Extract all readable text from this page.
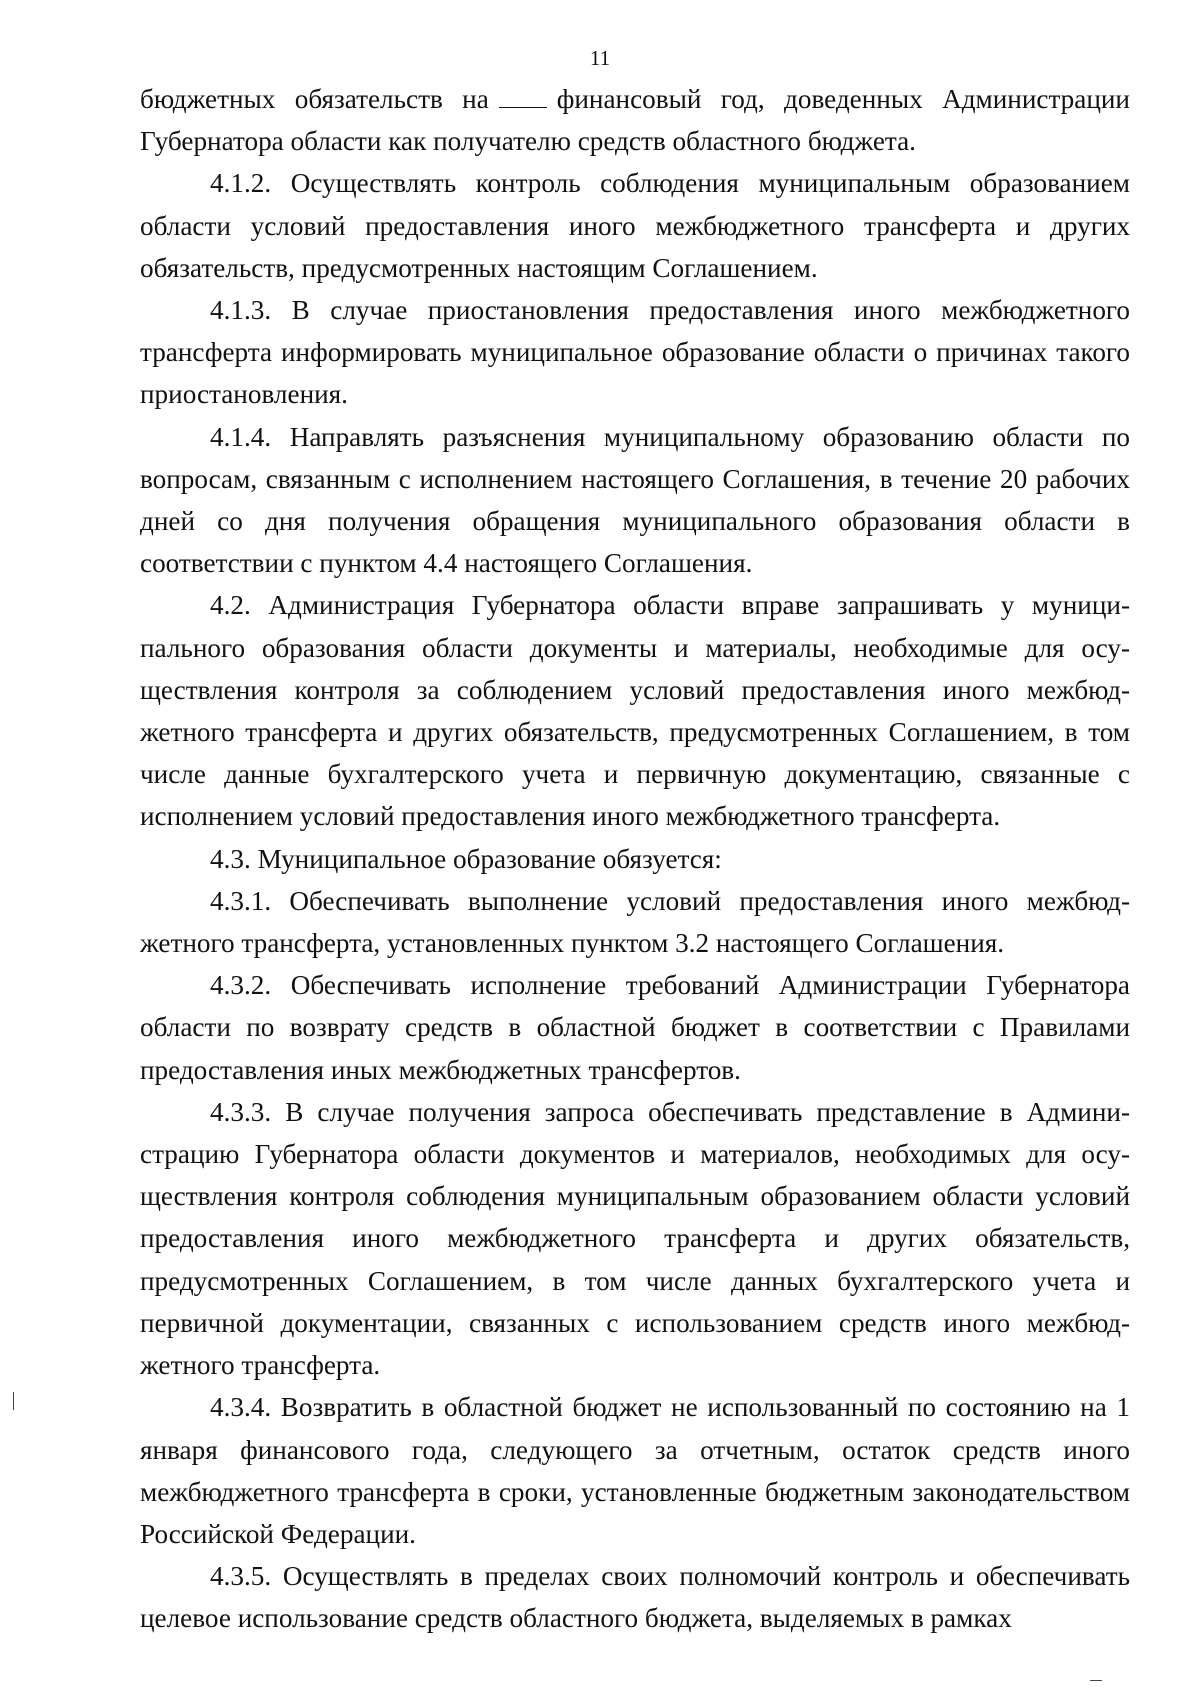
11

бюджетных обязательств на	финансовый год, доведенных Администрации Губернатора области как получателю средств областного бюджета.

4.1.2. Осуществлять контроль соблюдения муниципальным образованием области условий предоставления иного межбюджетного трансферта и других обязательств, предусмотренных настоящим Соглашением.

4.1.3. В случае приостановления предоставления иного межбюджетного трансферта информировать муниципальное образование области о причинах такого приостановления.

4.1.4. Направлять разъяснения муниципальному образованию области по вопросам, связанным с исполнением настоящего Соглашения, в течение 20 рабочих дней со дня получения обращения муниципального образования области в соответствии с пунктом 4.4 настоящего Соглашения.

4.2. Администрация Губернатора области вправе запрашивать у муниципального образования области документы и материалы, необходимые для осуществления контроля за соблюдением условий предоставления иного межбюджетного трансферта и других обязательств, предусмотренных Соглашением, в том числе данные бухгалтерского учета и первичную документацию, связанные с исполнением условий предоставления иного межбюджетного трансферта.

4.3. Муниципальное образование обязуется:

4.3.1. Обеспечивать выполнение условий предоставления иного межбюджетного трансферта, установленных пунктом 3.2 настоящего Соглашения.

4.3.2. Обеспечивать исполнение требований Администрации Губернатора области по возврату средств в областной бюджет в соответствии с Правилами предоставления иных межбюджетных трансфертов.

4.3.3. В случае получения запроса обеспечивать представление в Администрацию Губернатора области документов и материалов, необходимых для осуществления контроля соблюдения муниципальным образованием области условий предоставления иного межбюджетного трансферта и других обязательств, предусмотренных Соглашением, в том числе данных бухгалтерского учета и первичной документации, связанных с использованием средств иного межбюджетного трансферта.

4.3.4. Возвратить в областной бюджет не использованный по состоянию на 1 января финансового года, следующего за отчетным, остаток средств иного межбюджетного трансферта в сроки, установленные бюджетным законодательством Российской Федерации.

4.3.5. Осуществлять в пределах своих полномочий контроль и обеспечивать целевое использование средств областного бюджета, выделяемых в рамках
